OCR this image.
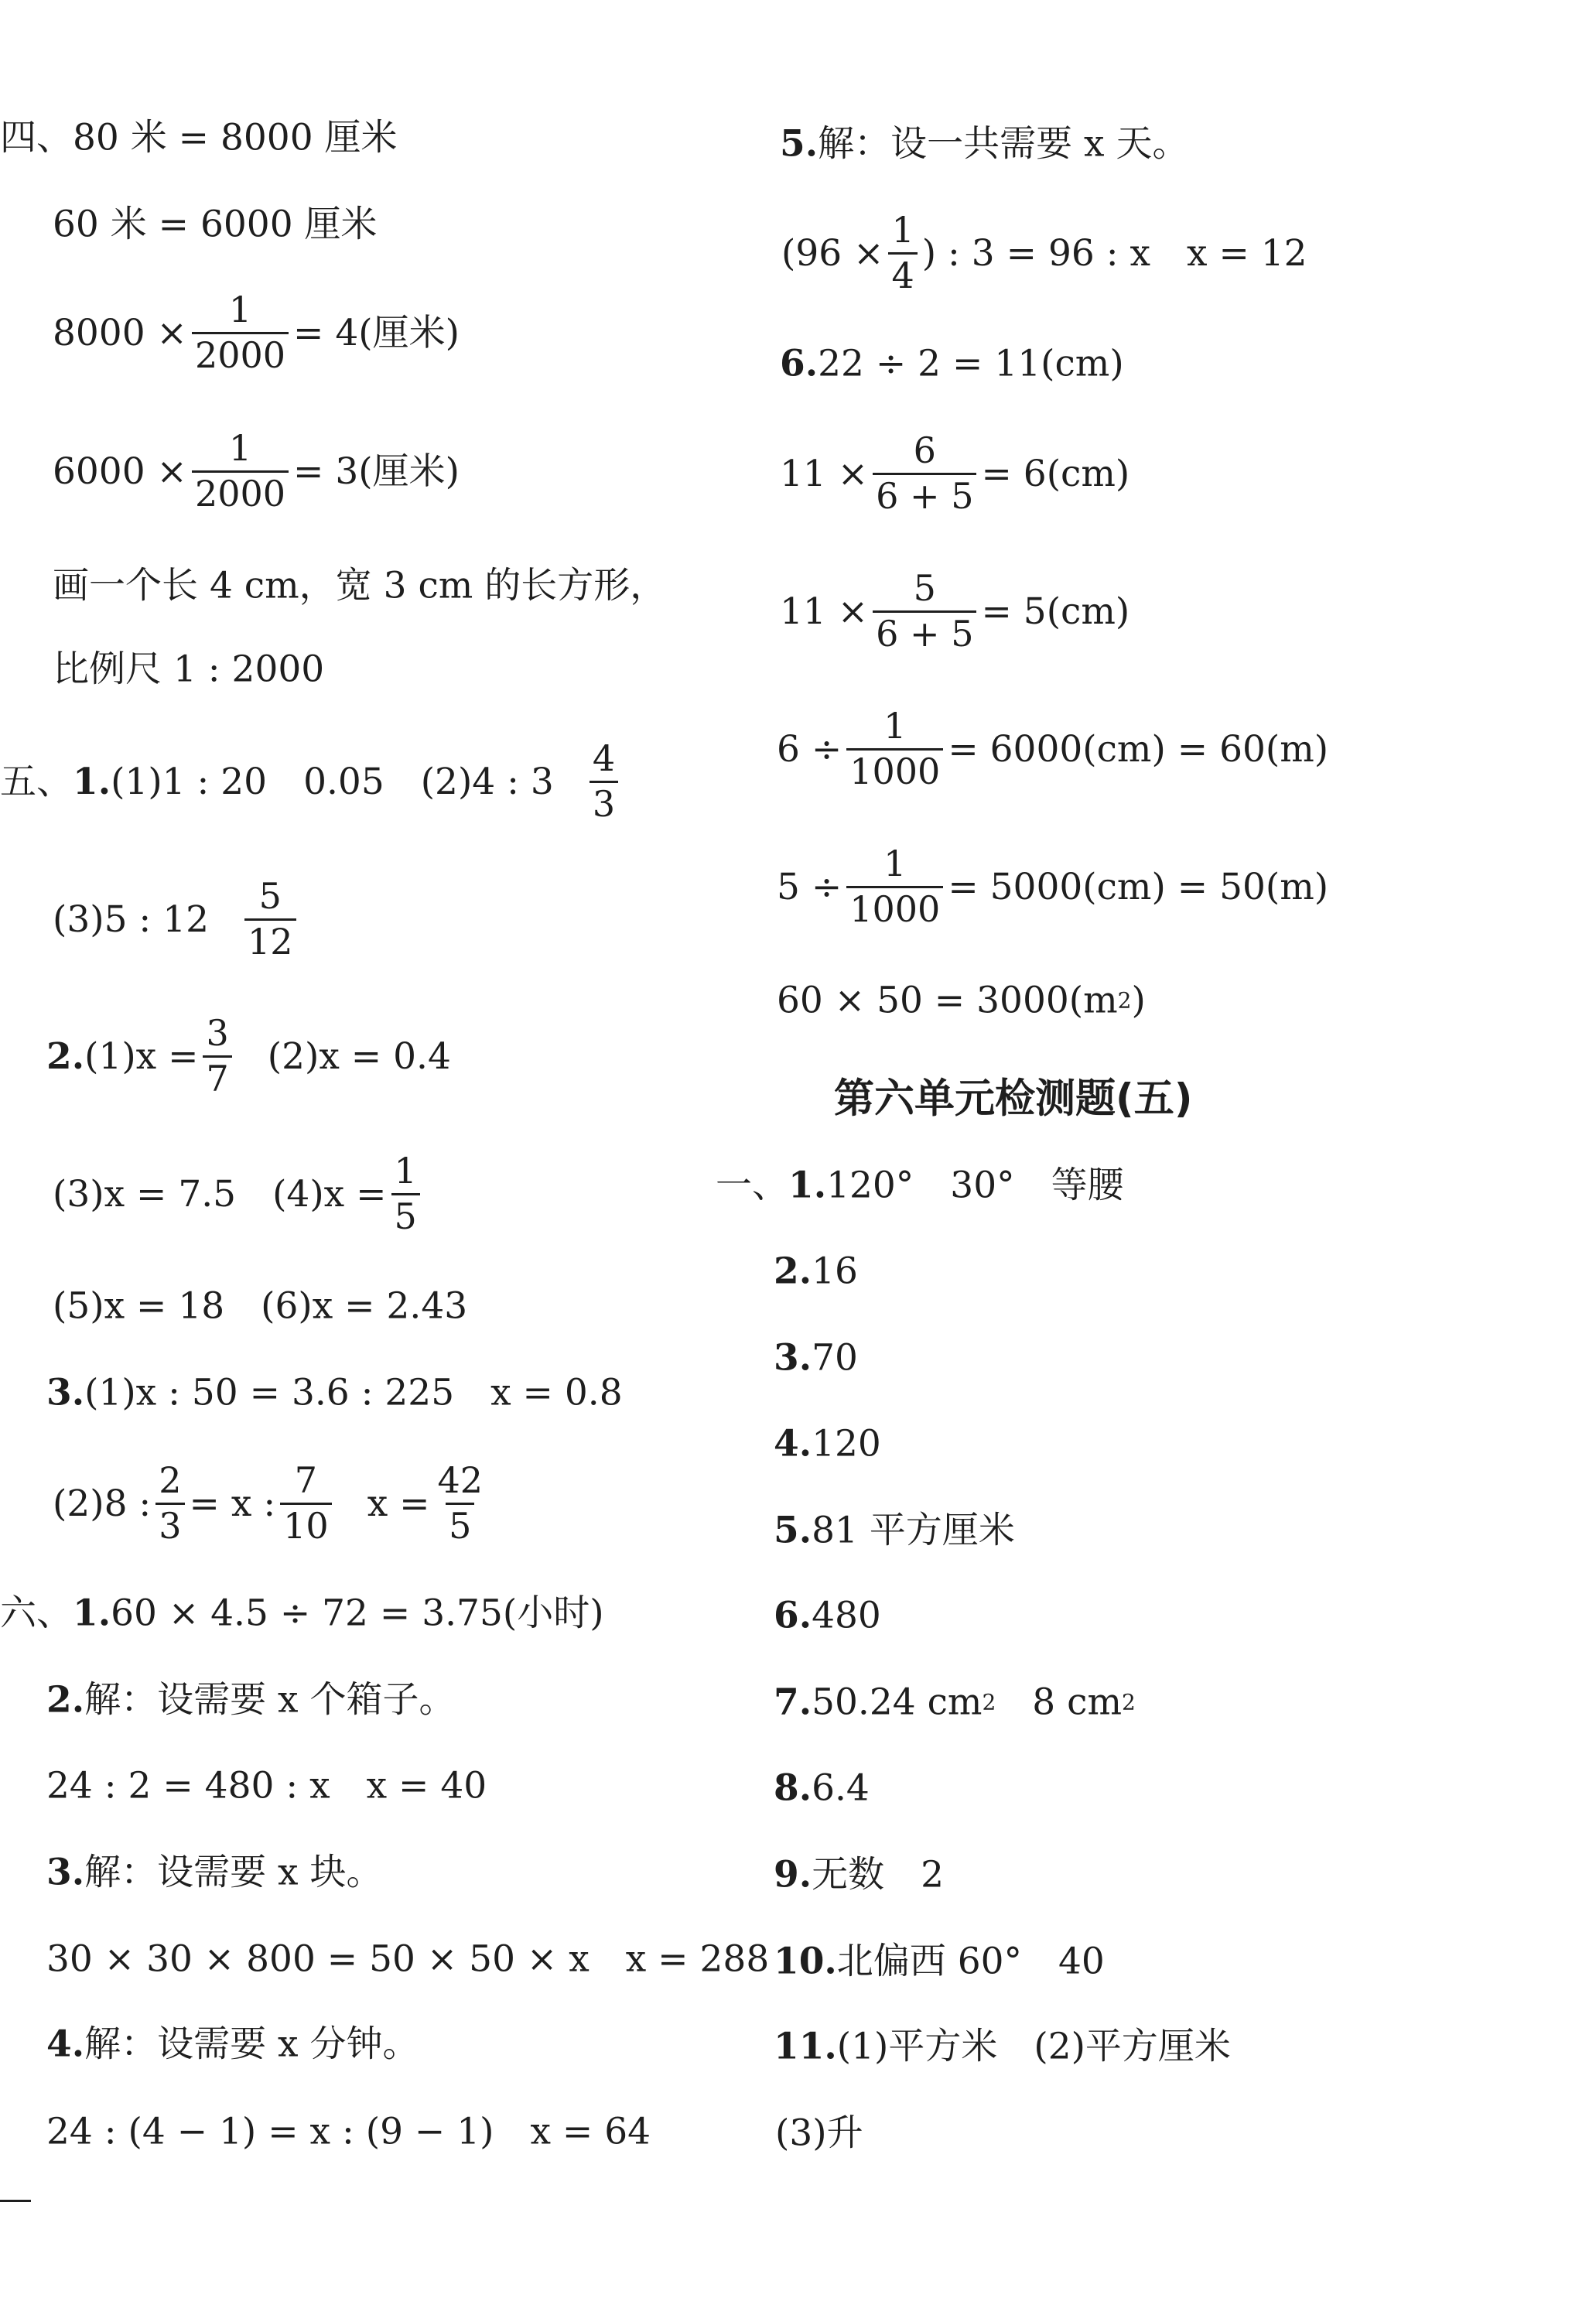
四、80 米 = 8000 厘米
60 米 = 6000 厘米
$8000 \times \frac{1}{2000} = 4$(厘米)
$6000 \times \frac{1}{2000} = 3$(厘米)
画一个长 4 cm，宽 3 cm 的长方形，
比例尺 1 : 2000
五、 1. (1)1 : 20　0.05　(2)4 : $3 \frac{4}{3}$
(3)5 : $12 \frac{5}{12}$
2. $(1)x = \frac{3}{7} (2)x = 0.4$
(3)x = 7.5　$(4)x = \frac{1}{5}$
(5)x = 18　(6)x = 2.43
3. (1)x : 50 = 3.6 : 225　x = 0.8
(2)8 : $\frac{2}{3} = x$ : $\frac{7}{10}$ $x = \frac{42}{5}$
六、 1. 60 × 4.5 ÷ 72 = 3.75(小时)
2. 解：设需要 x 个箱子。
24 : 2 = 480 : x　x = 40
3. 解：设需要 x 块。
30 × 30 × 800 = 50 × 50 × x　x = 288
4. 解：设需要 x 分钟。
24 : (4 − 1) = x : (9 − 1)　x = 64
5. 解：设一共需要 x 天。
($96 \times \frac{1}{4}$ ) : 3 = 96 : x　x = 12
6. 22 ÷ 2 = 11(cm)
$11 \times \frac{6}{6 + 5} = 6(cm)$
$11 \times \frac{5}{6 + 5} = 5(cm)$
$6 \div \frac{1}{1000} = 6000(cm) = 60(m)$
$5 \div \frac{1}{1000} = 5000(cm) = 50(m)$
60 × 50 = 3000(m 2 )
第六单元检测题(五)
一、 1. 120°　30°　等腰
2. 16
3. 70
4. 120
5. 81 平方厘米
6. 480
7. 50.24 cm 2 　8 cm 2
8. 6.4
9. 无数　2
10. 北偏西 60°　40
11. (1)平方米　(2)平方厘米
(3)升
